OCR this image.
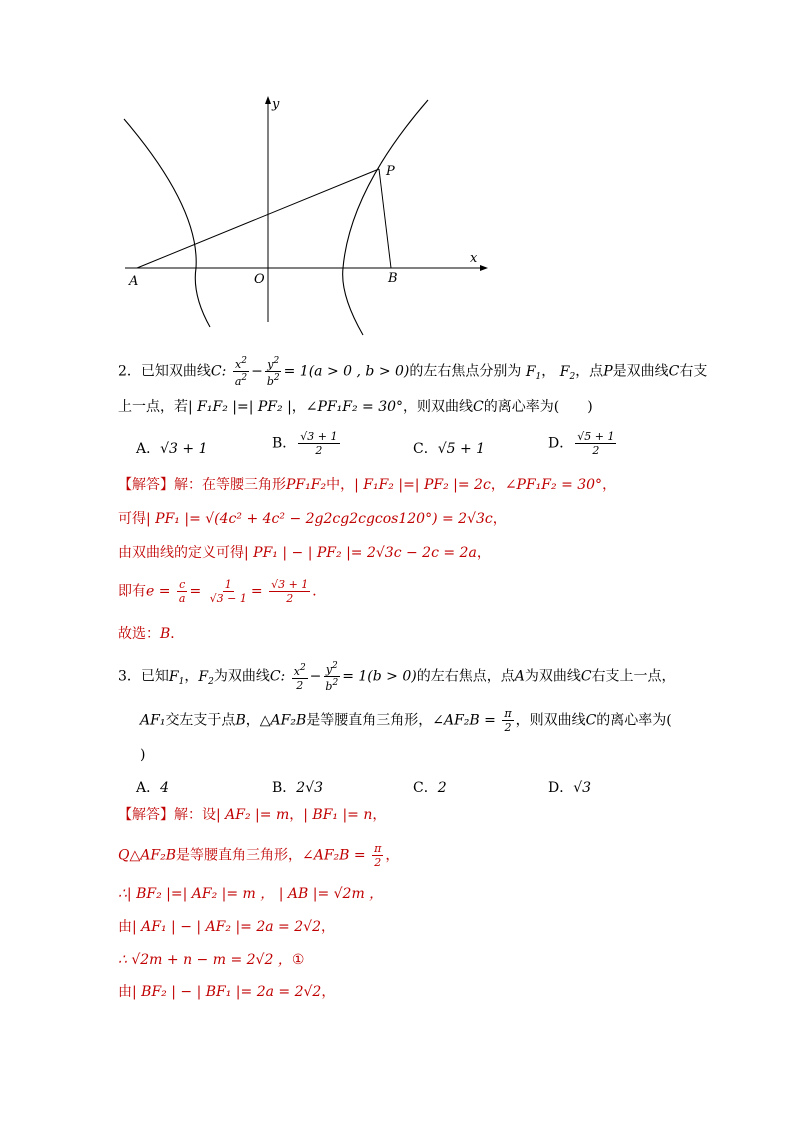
y
x
A	O	B
P
2．已知双曲线C: $\frac{x^2}{a^2} - \frac{y^2}{b^2} = 1(a > 0$ , b > 0)的左右焦点分别为 $F_1$， $F_2$，点P是双曲线C右支
上一点，若| F₁F₂ |=| PF₂ |，∠PF₁F₂ = 30°，则双曲线C的离心率为(　　)
A．√3 + 1	B． $\frac{√3 + 1}{2}$	C．√5 + 1	D． $\frac{√5 + 1}{2}$
【解答】解：在等腰三角形PF₁F₂中，| F₁F₂ |=| PF₂ |= 2c，∠PF₁F₂ = 30°，
可得| PF₁ |= √(4c² + 4c² − 2g2cg2cgcos120°) = 2√3c，
由双曲线的定义可得| PF₁ | − | PF₂ |= 2√3c − 2c = 2a，
即有$e = \frac{c}{a} = \frac{1}{√3 - 1} = \frac{√3 + 1}{2}$ ．
故选：B．
3．已知$F_1$，$F_2$为双曲线C: $\frac{x^2}{2} - \frac{y^2}{b^2} = 1(b > 0)$的左右焦点，点A为双曲线C右支上一点，
AF₁交左支于点B，△AF₂B是等腰直角三角形，∠AF₂B = $\frac{\pi}{2}$ ，则双曲线C的离心率为(
)
A．4	B．2√3	C．2	D．√3
【解答】解：设| AF₂ |= m，| BF₁ |= n，
Q△AF₂B是等腰直角三角形，∠AF₂B = $\frac{\pi}{2}$ ，
∴| BF₂ |=| AF₂ |= m ， | AB |= √2m ，
由| AF₁ | − | AF₂ |= 2a = 2√2，
∴ √2m + n − m = 2√2 ，①
由| BF₂ | − | BF₁ |= 2a = 2√2，
